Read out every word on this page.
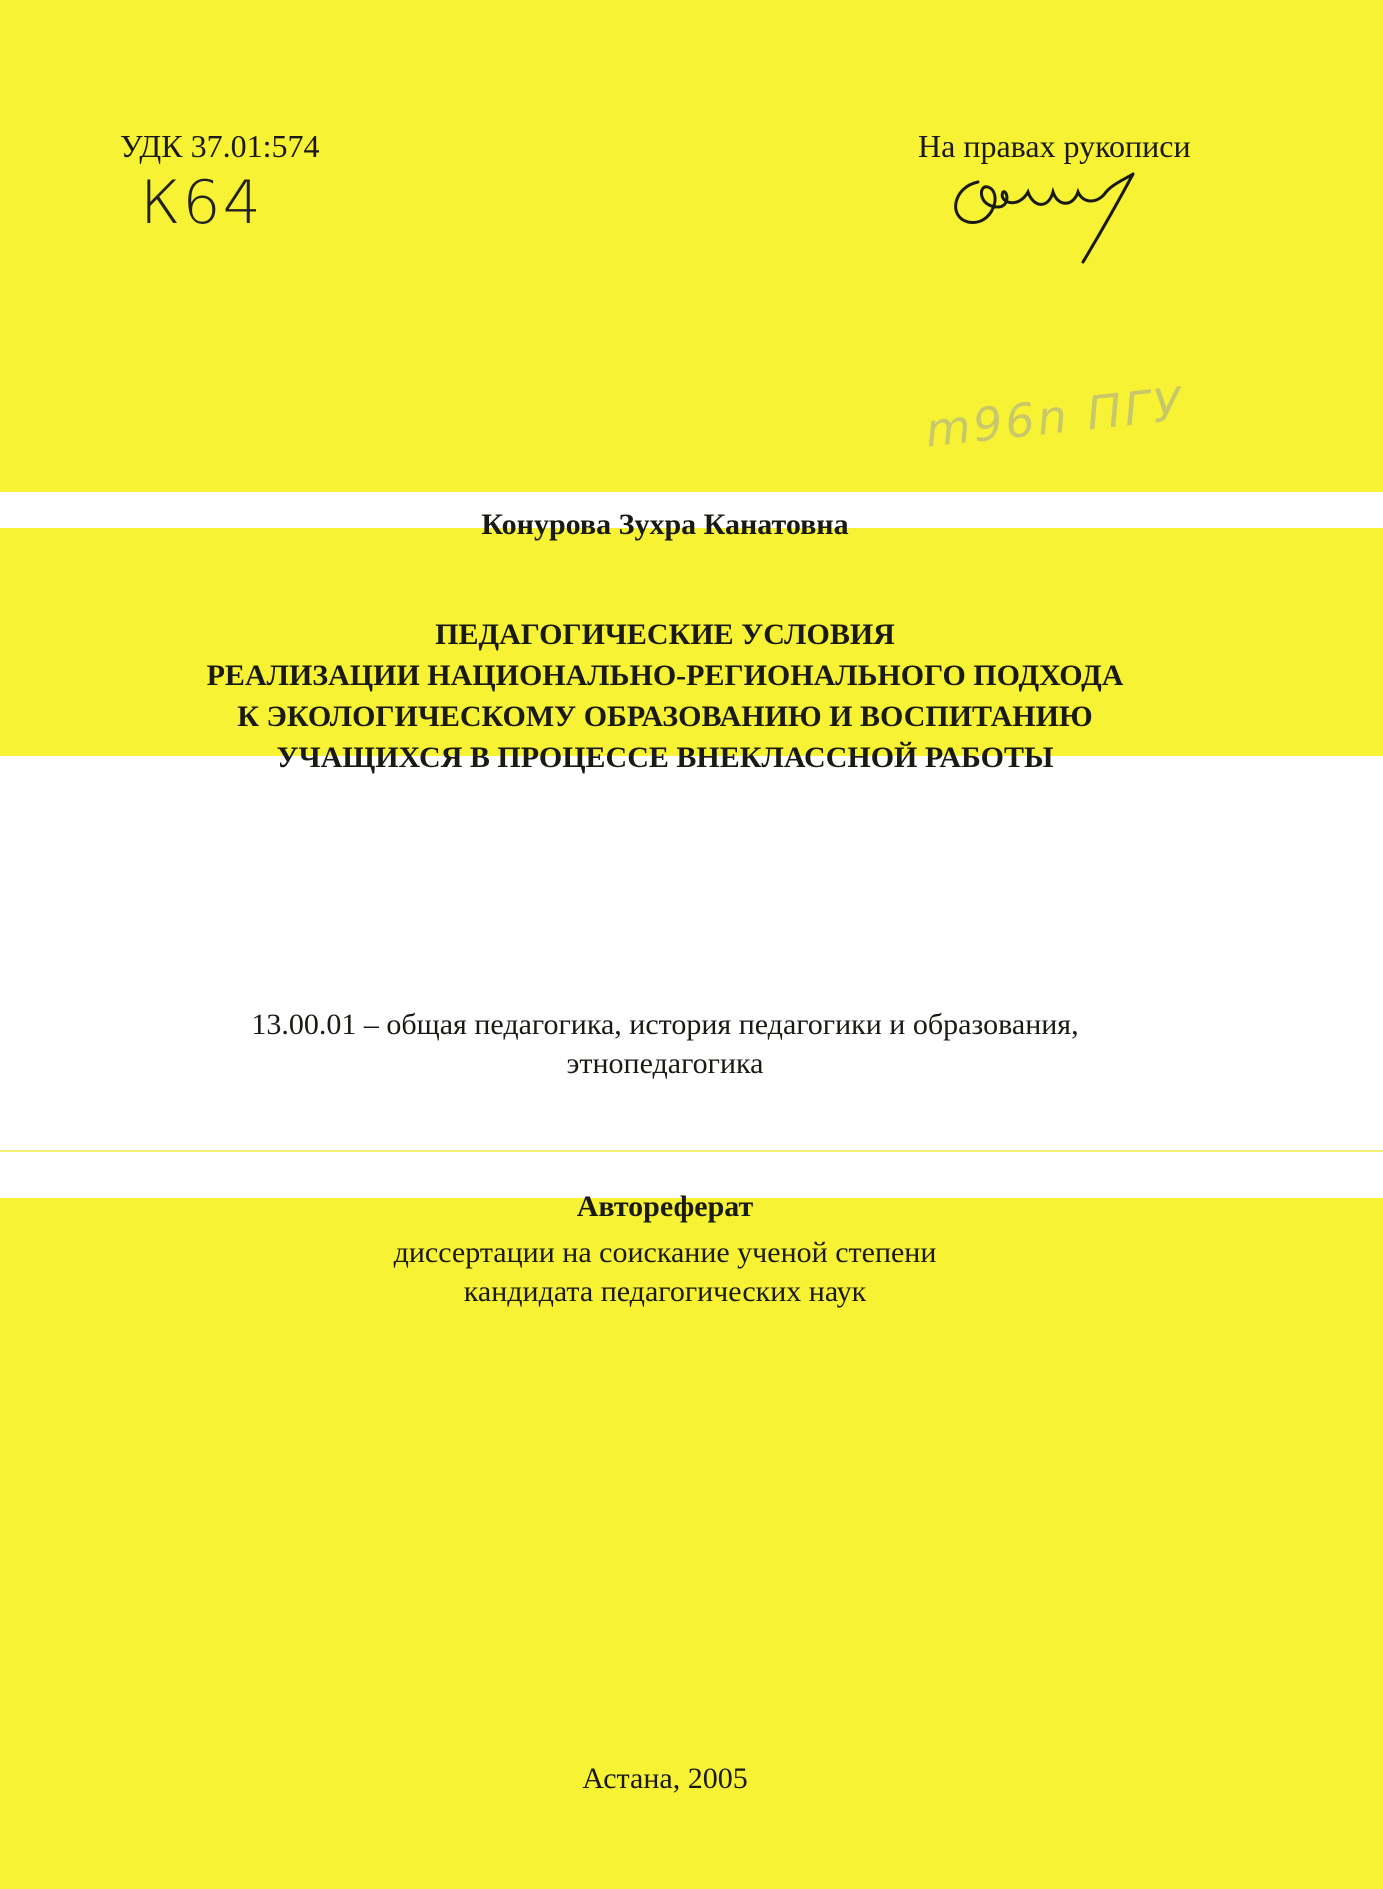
УДК 37.01:574
К64
На правах рукописи
m96n ПГУ
Конурова Зухра Канатовна
ПЕДАГОГИЧЕСКИЕ УСЛОВИЯ
РЕАЛИЗАЦИИ НАЦИОНАЛЬНО-РЕГИОНАЛЬНОГО ПОДХОДА
К ЭКОЛОГИЧЕСКОМУ ОБРАЗОВАНИЮ И ВОСПИТАНИЮ
УЧАЩИХСЯ В ПРОЦЕССЕ ВНЕКЛАССНОЙ РАБОТЫ
13.00.01 – общая педагогика, история педагогики и образования,
этнопедагогика
Автореферат
диссертации на соискание ученой степени
кандидата педагогических наук
Астана, 2005
